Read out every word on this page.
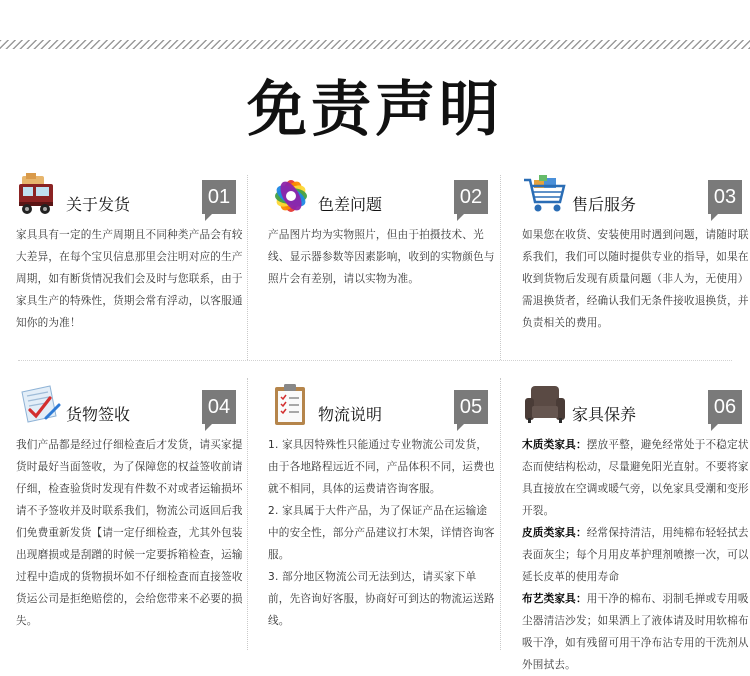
免责声明
关于发货	01

家具具有一定的生产周期且不同种类产品会有较大差异，在每个宝贝信息那里会注明对应的生产周期，如有断货情况我们会及时与您联系，由于家具生产的特殊性，货期会常有浮动，以客服通知你的为准！

色差问题	02

产品图片均为实物照片，但由于拍摄技术、光线、显示器参数等因素影响，收到的实物颜色与照片会有差别，请以实物为准。

售后服务	03

如果您在收货、安装使用时遇到问题，请随时联系我们，我们可以随时提供专业的指导，如果在收到货物后发现有质量问题（非人为，无使用）需退换货者，经确认我们无条件接收退换货，并负责相关的费用。

货物签收	04

我们产品都是经过仔细检查后才发货，请买家提货时最好当面签收，为了保障您的权益签收前请仔细，检查验货时发现有件数不对或者运输损坏请不予签收并及时联系我们，物流公司返回后我们免费重新发货【请一定仔细检查，尤其外包装出现磨损或是刮蹭的时候一定要拆箱检查，运输过程中造成的货物损坏如不仔细检查而直接签收货运公司是拒绝赔偿的，会给您带来不必要的损失。

物流说明	05

1. 家具因特殊性只能通过专业物流公司发货，由于各地路程远近不同，产品体积不同，运费也就不相同，具体的运费请咨询客服。

2. 家具属于大件产品，为了保证产品在运输途中的安全性，部分产品建议打木架，详情咨询客服。

3. 部分地区物流公司无法到达，请买家下单前，先咨询好客服，协商好可到达的物流运送路线。

家具保养	06

木质类家具：摆放平整，避免经常处于不稳定状态而使结构松动，尽量避免阳光直射。不要将家具直接放在空调或暖气旁，以免家具受潮和变形开裂。

皮质类家具：经常保持清洁，用纯棉布轻轻拭去表面灰尘；每个月用皮革护理剂喷擦一次，可以延长皮革的使用寿命

布艺类家具：用干净的棉布、羽制毛掸或专用吸尘器清洁沙发；如果洒上了液体请及时用软棉布吸干净，如有残留可用干净布沾专用的干洗剂从外围拭去。
